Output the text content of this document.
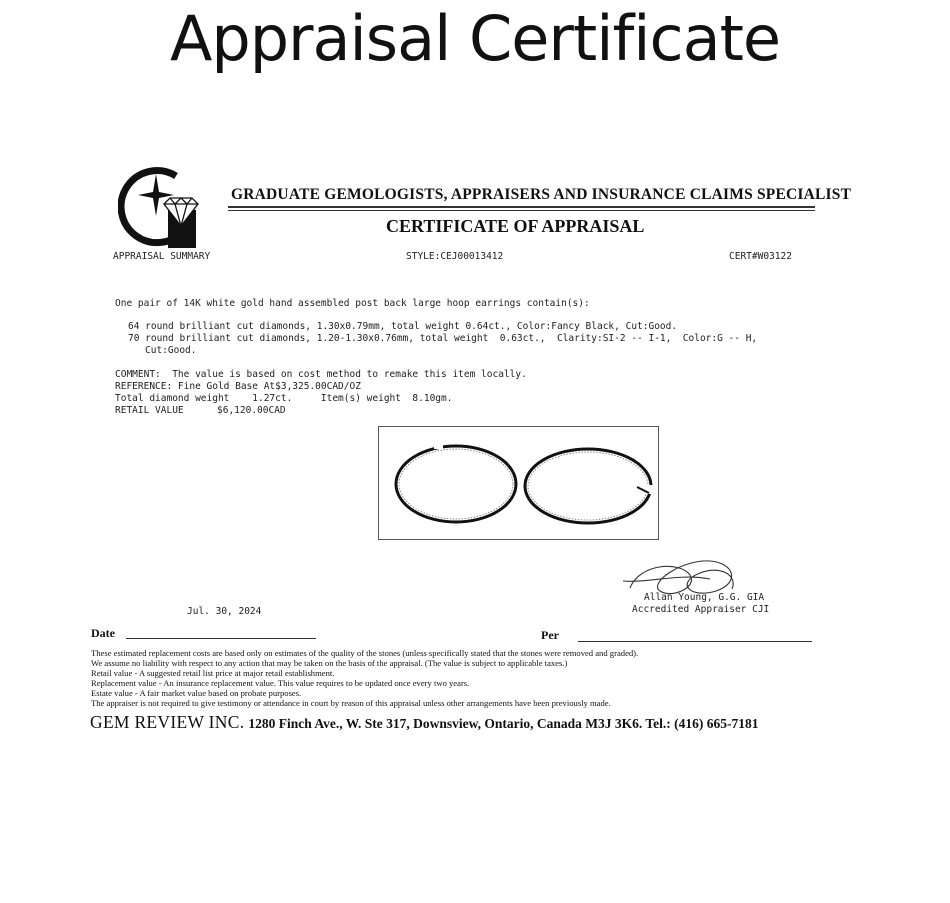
Appraisal Certificate
GRADUATE GEMOLOGISTS, APPRAISERS AND INSURANCE CLAIMS SPECIALIST
CERTIFICATE OF APPRAISAL
APPRAISAL SUMMARY	STYLE:CEJ00013412	CERT#W03122
One pair of 14K white gold hand assembled post back large hoop earrings contain(s):
64 round brilliant cut diamonds, 1.30x0.79mm, total weight 0.64ct., Color:Fancy Black, Cut:Good.
70 round brilliant cut diamonds, 1.20-1.30x0.76mm, total weight  0.63ct.,  Clarity:SI-2 -- I-1,  Color:G -- H,
Cut:Good.
COMMENT:  The value is based on cost method to remake this item locally.
REFERENCE: Fine Gold Base At$3,325.00CAD/OZ
Total diamond weight    1.27ct.     Item(s) weight  8.10gm.
RETAIL VALUE	$6,120.00CAD
Allan Young, G.G. GIA
Accredited Appraiser CJI
Jul. 30, 2024
Date	Per
These estimated replacement costs are based only on estimates of the quality of the stones (unless specifically stated that the stones were removed and graded).
We assume no liability with respect to any action that may be taken on the basis of the appraisal. (The value is subject to applicable taxes.)
Retail value - A suggested retail list price at major retail establishment.
Replacement value - An insurance replacement value. This value requires to be updated once every two years.
Estate value - A fair market value based on probate purposes.
The appraiser is not required to give testimony or attendance in court by reason of this appraisal unless other arrangements have been previously made.
GEM REVIEW INC. 1280 Finch Ave., W. Ste 317, Downsview, Ontario, Canada M3J 3K6. Tel.: (416) 665-7181
